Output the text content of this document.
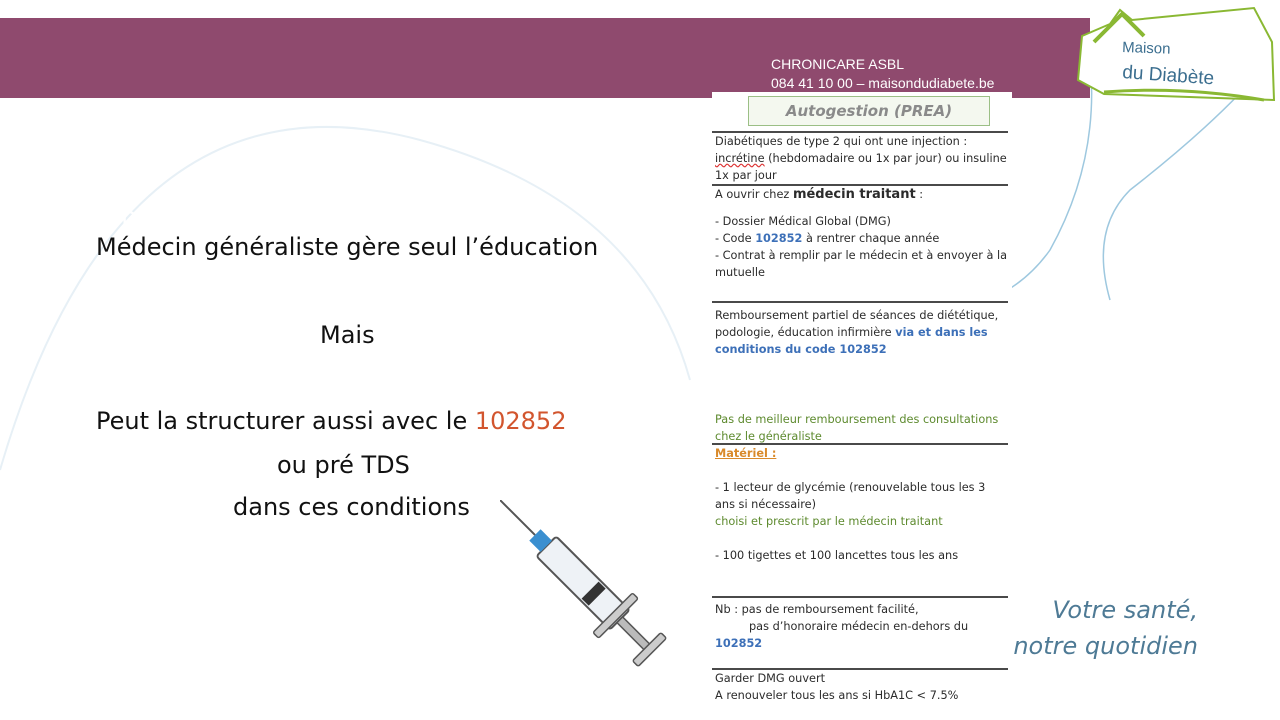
Le Programme restreint  d’éducation et d’autogestion :

1 seule injection

CHRONICARE ASBL
084 41 10 00 – maisondudiabete.be
Maison
du Diabète
Médecin généraliste gère seul l’éducation
Mais
Peut la structurer aussi avec le 102852
ou pré TDS
dans ces conditions
Autogestion (PREA)
Diabétiques de type 2 qui ont une injection : incrétine (hebdomadaire ou 1x par jour) ou insuline 1x par jour
A ouvrir chez médecin traitant :
- Dossier Médical Global (DMG)
- Code 102852 à rentrer chaque année
- Contrat à remplir par le médecin et à envoyer à la mutuelle
Remboursement partiel de séances de diététique, podologie, éducation infirmière via et dans les conditions du code 102852
Pas de meilleur remboursement des consultations chez le généraliste
Matériel :
- 1 lecteur de glycémie (renouvelable tous les 3 ans si nécessaire)
choisi et prescrit par le médecin traitant
- 100 tigettes et 100 lancettes tous les ans
Nb : pas de remboursement facilité,
pas d’honoraire médecin en-dehors du
102852
Garder DMG ouvert
A renouveler tous les ans si HbA1C < 7.5%
Votre santé,
notre quotidien
